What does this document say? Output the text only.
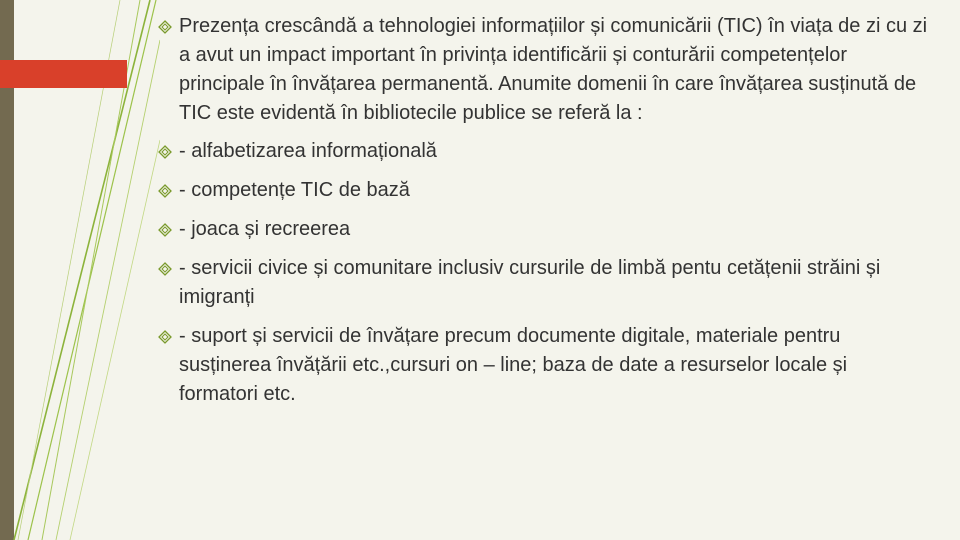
Prezența crescândă a tehnologiei informațiilor și comunicării (TIC) în viața de zi cu zi a avut un impact important în privința identificării și conturării competențelor principale în învățarea permanentă. Anumite domenii în care învățarea susținută de TIC este evidentă în bibliotecile publice se referă la :
- alfabetizarea informațională
- competențe TIC de bază
- joaca și recreerea
- servicii civice și comunitare inclusiv cursurile de limbă pentu cetățenii străini și imigranți
- suport și servicii de învățare precum documente digitale, materiale pentru susținerea învățării etc.,cursuri on – line; baza de date a resurselor locale și formatori etc.
